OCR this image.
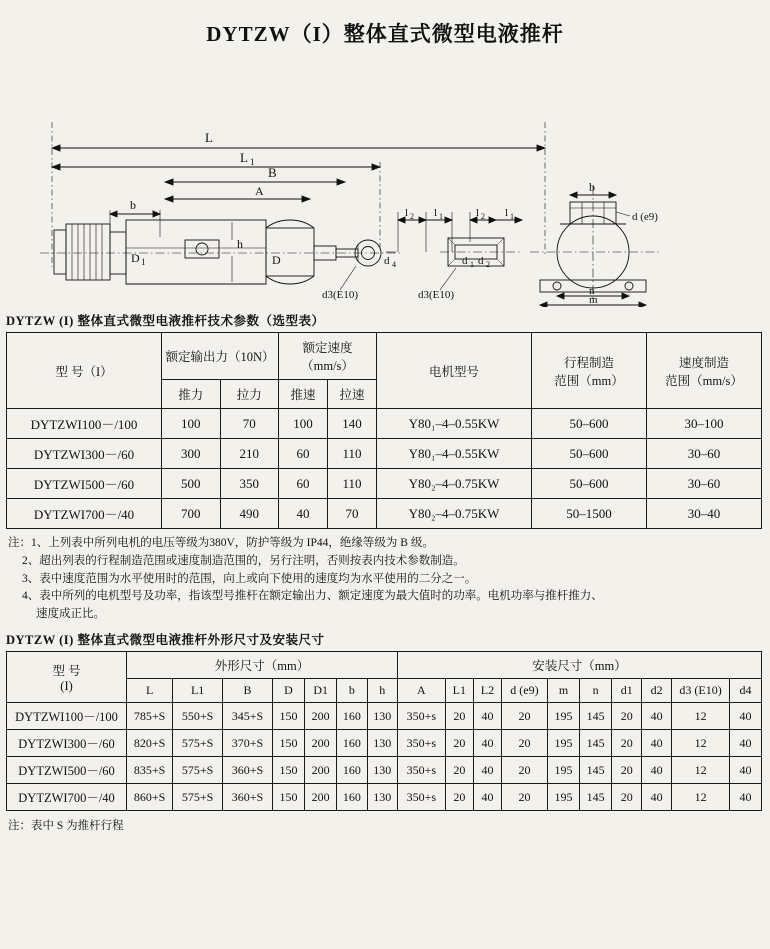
DYTZW（I）整体直式微型电液推杆
L
L 1
B
A
b
D 1	D
h
d 4
d3(E10)
l 2 l 1	l 2 l 1
d 1 d 2
d3(E10)
b
d (e9)
n
m
DYTZW (I) 整体直式微型电液推杆技术参数（选型表）
型 号（I）	额定输出力（10N）		额定速度（mm/s）		电机型号	行程制造
范围（mm）	速度制造
范围（mm/s）
	推力	拉力	推速	拉速			
DYTZWI100－/100	100	70	100	140	Y80₁–4–0.55KW	50–600	30–100
DYTZWI300－/60	300	210	60	110	Y80₁–4–0.55KW	50–600	30–60
DYTZWI500－/60	500	350	60	110	Y80₂–4–0.75KW	50–600	30–60
DYTZWI700－/40	700	490	40	70	Y80₂–4–0.75KW	50–1500	30–40
注：1、上列表中所列电机的电压等级为380V，防护等级为 IP44，绝缘等级为 B 级。
2、超出列表的行程制造范围或速度制造范围的，另行注明，否则按表内技术参数制造。
3、表中速度范围为水平使用时的范围，向上或向下使用的速度均为水平使用的二分之一。
4、表中所列的电机型号及功率，指该型号推杆在额定输出力、额定速度为最大值时的功率。电机功率与推杆推力、
速度成正比。
DYTZW (I) 整体直式微型电液推杆外形尺寸及安装尺寸
型 号
(I)	外形尺寸（mm）							安装尺寸（mm）									
	L	L1	B	D	D1	b	h	A	L1	L2	d (e9)	m	n	d1	d2	d3 (E10)	d4
DYTZWI100－/100	785+S	550+S	345+S	150	200	160	130	350+s	20	40	20	195	145	20	40	12	40
DYTZWI300－/60	820+S	575+S	370+S	150	200	160	130	350+s	20	40	20	195	145	20	40	12	40
DYTZWI500－/60	835+S	575+S	360+S	150	200	160	130	350+s	20	40	20	195	145	20	40	12	40
DYTZWI700－/40	860+S	575+S	360+S	150	200	160	130	350+s	20	40	20	195	145	20	40	12	40
注：表中 S 为推杆行程
